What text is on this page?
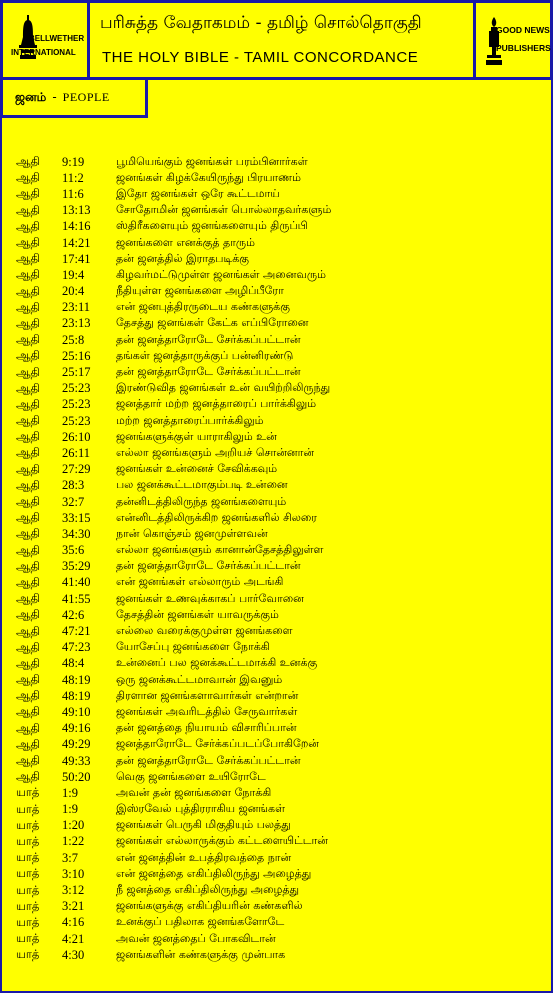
BELLWETHER
INTERNATIONAL
பரிசுத்த வேதாகமம் - தமிழ் சொல்தொகுதி
THE HOLY BIBLE - TAMIL CONCORDANCE
GOOD NEWS
PUBLISHERS
ஜனம் - PEOPLE
ஆதி	9:19	பூமியெங்கும் ஜனங்கள் பரம்பினார்கள்
ஆதி	11:2	ஜனங்கள் கிழக்கேயிருந்து பிரயாணம்
ஆதி	11:6	இதோ ஜனங்கள் ஒரே கூட்டமாய்
ஆதி	13:13	சோதோமின் ஜனங்கள் பொல்லாதவர்களும்
ஆதி	14:16	ஸ்திரீகளையும் ஜனங்களையும் திருப்பி
ஆதி	14:21	ஜனங்களை எனக்குத் தாரும்
ஆதி	17:41	தன் ஜனத்தில் இராதபடிக்கு
ஆதி	19:4	கிழவர்மட்டுமுள்ள ஜனங்கள் அனைவரும்
ஆதி	20:4	நீதியுள்ள ஜனங்களை அழிப்பீரோ
ஆதி	23:11	என் ஜனபுத்திரருடைய கண்களுக்கு
ஆதி	23:13	தேசத்து ஜனங்கள் கேட்க எப்பிரோனை
ஆதி	25:8	தன் ஜனத்தாரோடே சேர்க்கப்பட்டான்
ஆதி	25:16	தங்கள் ஜனத்தாருக்குப் பன்னிரண்டு
ஆதி	25:17	தன் ஜனத்தாரோடே சேர்க்கப்பட்டான்
ஆதி	25:23	இரண்டுவித ஜனங்கள் உன் வயிற்றிலிருந்து
ஆதி	25:23	ஜனத்தார் மற்ற ஜனத்தாரைப் பார்க்கிலும்
ஆதி	25:23	மற்ற ஜனத்தாரைப்பார்க்கிலும்
ஆதி	26:10	ஜனங்களுக்குள் யாராகிலும் உன்
ஆதி	26:11	எல்லா ஜனங்களும் அறியச் சொன்னான்
ஆதி	27:29	ஜனங்கள் உன்னைச் சேவிக்கவும்
ஆதி	28:3	பல ஜனக்கூட்டமாகும்படி உன்னை
ஆதி	32:7	தன்னிடத்திலிருந்த ஜனங்களையும்
ஆதி	33:15	என்னிடத்திலிருக்கிற ஜனங்களில் சிலரை
ஆதி	34:30	நான் கொஞ்சம் ஜனமுள்ளவன்
ஆதி	35:6	எல்லா ஜனங்களும் கானான்தேசத்திலுள்ள
ஆதி	35:29	தன் ஜனத்தாரோடே சேர்க்கப்பட்டான்
ஆதி	41:40	என் ஜனங்கள் எல்லாரும் அடங்கி
ஆதி	41:55	ஜனங்கள் உணவுக்காகப் பார்வோனை
ஆதி	42:6	தேசத்தின் ஜனங்கள் யாவருக்கும்
ஆதி	47:21	எல்லை வரைக்குமுள்ள ஜனங்களை
ஆதி	47:23	யோசேப்பு ஜனங்களை நோக்கி
ஆதி	48:4	உன்னைப் பல ஜனக்கூட்டமாக்கி உனக்கு
ஆதி	48:19	ஒரு ஜனக்கூட்டமாவான் இவனும்
ஆதி	48:19	திரளான ஜனங்களாவார்கள் என்றான்
ஆதி	49:10	ஜனங்கள் அவரிடத்தில் சேருவார்கள்
ஆதி	49:16	தன் ஜனத்தை நியாயம் விசாரிப்பான்
ஆதி	49:29	ஜனத்தாரோடே சேர்க்கப்படப்போகிறேன்
ஆதி	49:33	தன் ஜனத்தாரோடே சேர்க்கப்பட்டான்
ஆதி	50:20	வெகு ஜனங்களை உயிரோடே
யாத்	1:9	அவன் தன் ஜனங்களை நோக்கி
யாத்	1:9	இஸ்ரவேல் புத்திரராகிய ஜனங்கள்
யாத்	1:20	ஜனங்கள் பெருகி மிகுதியும் பலத்து
யாத்	1:22	ஜனங்கள் எல்லாருக்கும் கட்டளையிட்டான்
யாத்	3:7	என் ஜனத்தின் உபத்திரவத்தை நான்
யாத்	3:10	என் ஜனத்தை எகிப்திலிருந்து அழைத்து
யாத்	3:12	நீ ஜனத்தை எகிப்திலிருந்து அழைத்து
யாத்	3:21	ஜனங்களுக்கு எகிப்தியரின் கண்களில்
யாத்	4:16	உனக்குப் பதிலாக ஜனங்களோடே
யாத்	4:21	அவன் ஜனத்தைப் போகவிடான்
யாத்	4:30	ஜனங்களின் கண்களுக்கு முன்பாக
